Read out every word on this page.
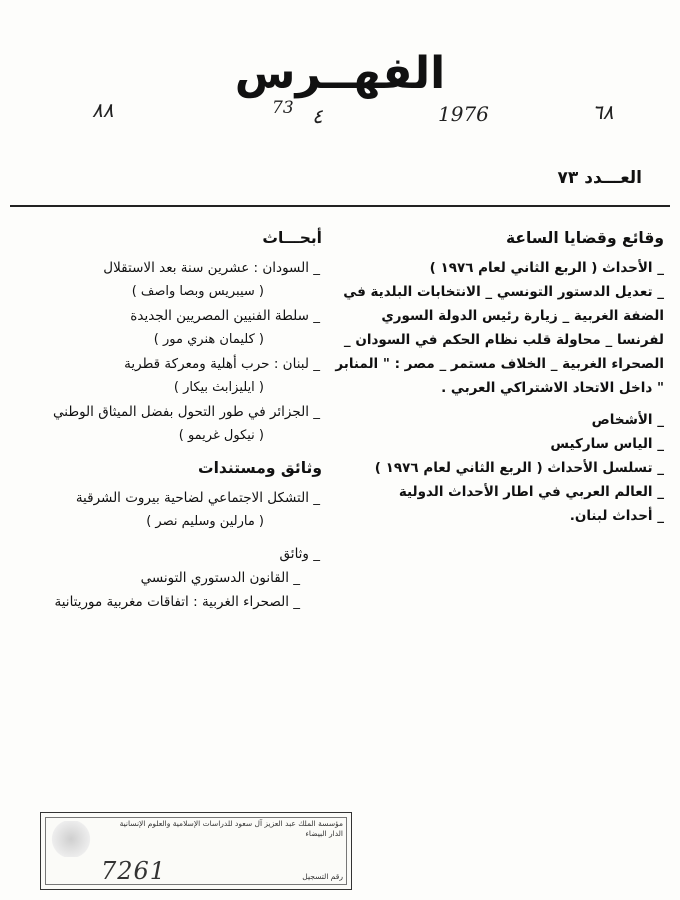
الفهــرس
٦٨
1976
٤
73
٨٨
العـــدد ٧٣
وقائع وقضايا الساعة
_ الأحداث ( الربع الثاني لعام ١٩٧٦ )
_ تعديل الدستور التونسي _ الانتخابات البلدية في الضفة الغربية _ زيارة رئيس الدولة السوري لفرنسا _ محاولة قلب نظام الحكم في السودان _ الصحراء الغربية _ الخلاف مستمر _ مصر : " المنابر " داخل الاتحاد الاشتراكي العربي .
_ الأشخاص
_ الياس ساركيس
_ تسلسل الأحداث ( الربع الثاني لعام ١٩٧٦ )
_ العالم العربي في اطار الأحداث الدولية
_ أحداث لبنان.
أبحـــاث
_ السودان : عشرين سنة بعد الاستقلال
( سيبريس وبصا واصف )
_ سلطة الفنيين المصريين الجديدة
( كليمان هنري مور )
_ لبنان : حرب أهلية ومعركة قطرية
( ايليزابث بيكار )
_ الجزائر في طور التحول بفضل الميثاق الوطني
( نيكول غريمو )
وثائق ومستندات
_ التشكل الاجتماعي لضاحية بيروت الشرقية
( مارلين وسليم نصر )
_ وثائق
_ القانون الدستوري التونسي
_ الصحراء الغربية : اتفاقات مغربية موريتانية
مؤسسة الملك عبد العزيز آل سعود للدراسات الإسلامية والعلوم الإنسانية الدار البيضاء
رقم التسجيل
7261
